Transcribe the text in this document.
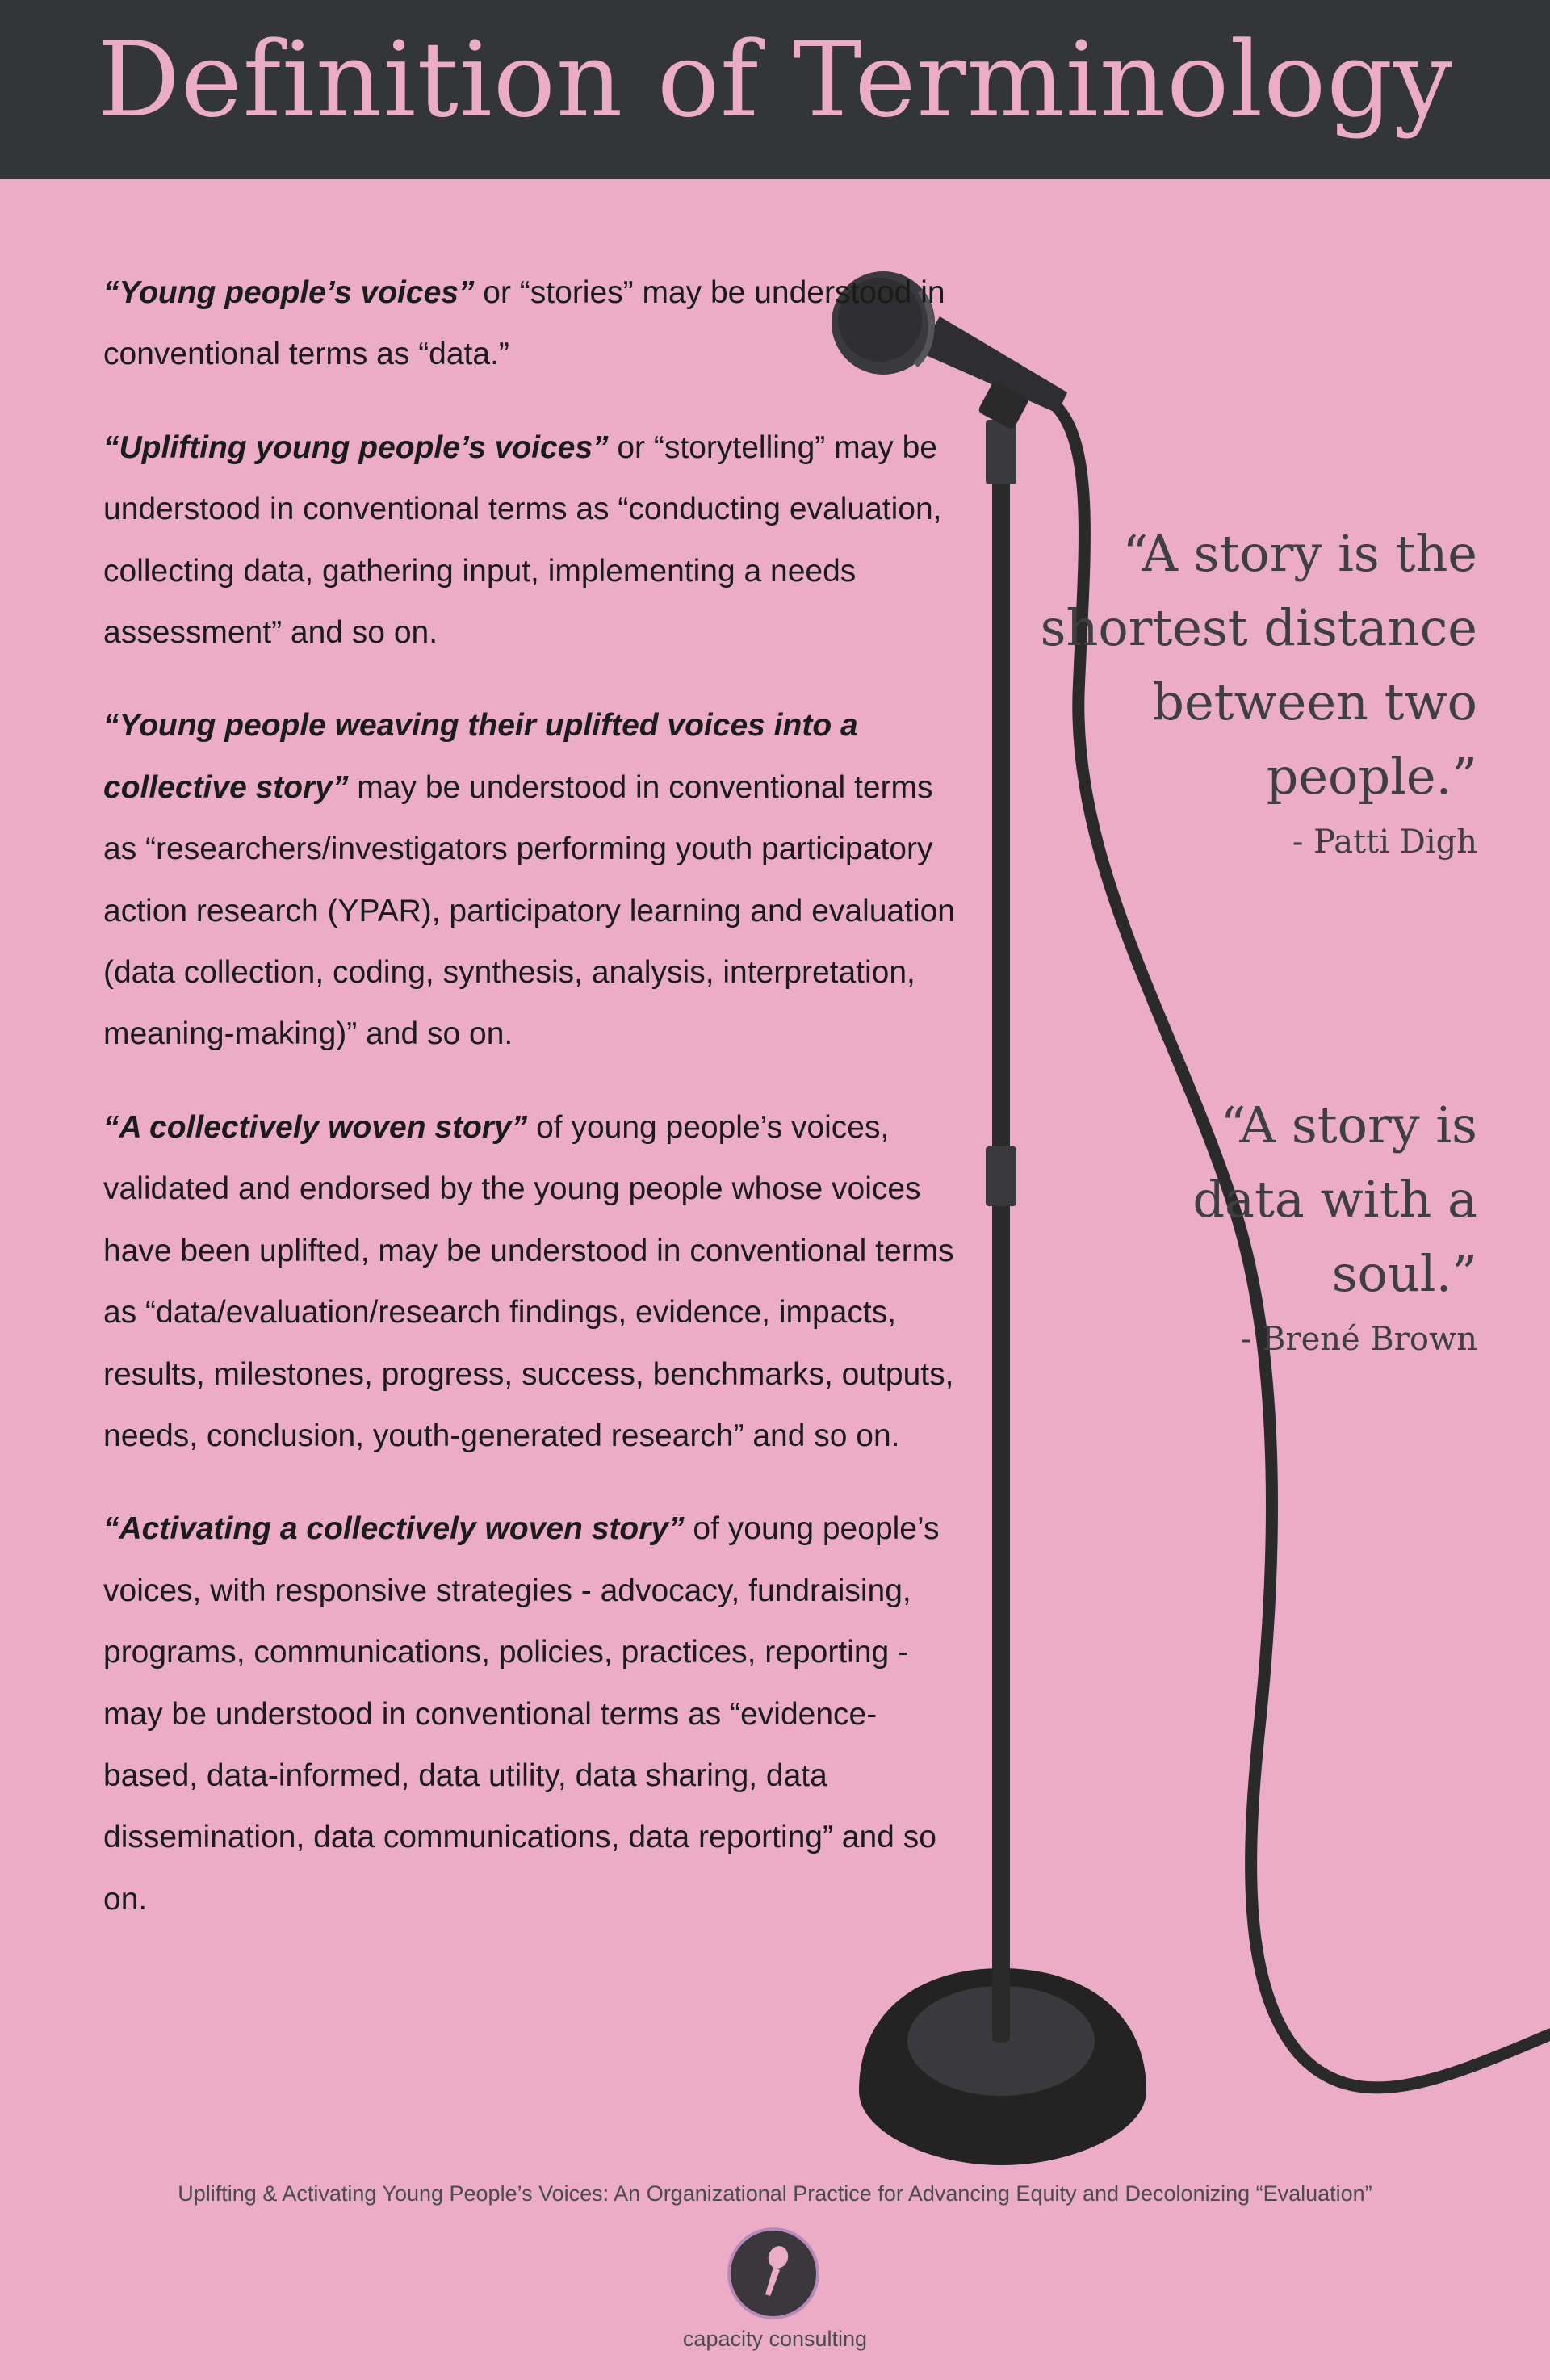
Definition of Terminology

“Young people’s voices” or “stories” may be understood in conventional terms as “data.”

“Uplifting young people’s voices” or “storytelling” may be understood in conventional terms as “conducting evaluation, collecting data, gathering input, implementing a needs assessment” and so on.

“Young people weaving their uplifted voices into a collective story” may be understood in conventional terms as “researchers/investigators performing youth participatory action research (YPAR), participatory learning and evaluation (data collection, coding, synthesis, analysis, interpretation, meaning-making)” and so on.

“A collectively woven story” of young people’s voices, validated and endorsed by the young people whose voices have been uplifted, may be understood in conventional terms as “data/evaluation/research findings, evidence, impacts, results, milestones, progress, success, benchmarks, outputs, needs, conclusion, youth-generated research” and so on.

“Activating a collectively woven story” of young people’s voices, with responsive strategies - advocacy, fundraising, programs, communications, policies, practices, reporting - may be understood in conventional terms as “evidence-based, data-informed, data utility, data sharing, data dissemination, data communications, data reporting” and so on.

“A story is the shortest distance between two people.”

- Patti Digh

“A story is data with a soul.”

- Brené Brown

Uplifting & Activating Young People’s Voices: An Organizational Practice for Advancing Equity and Decolonizing “Evaluation”

capacity consulting
